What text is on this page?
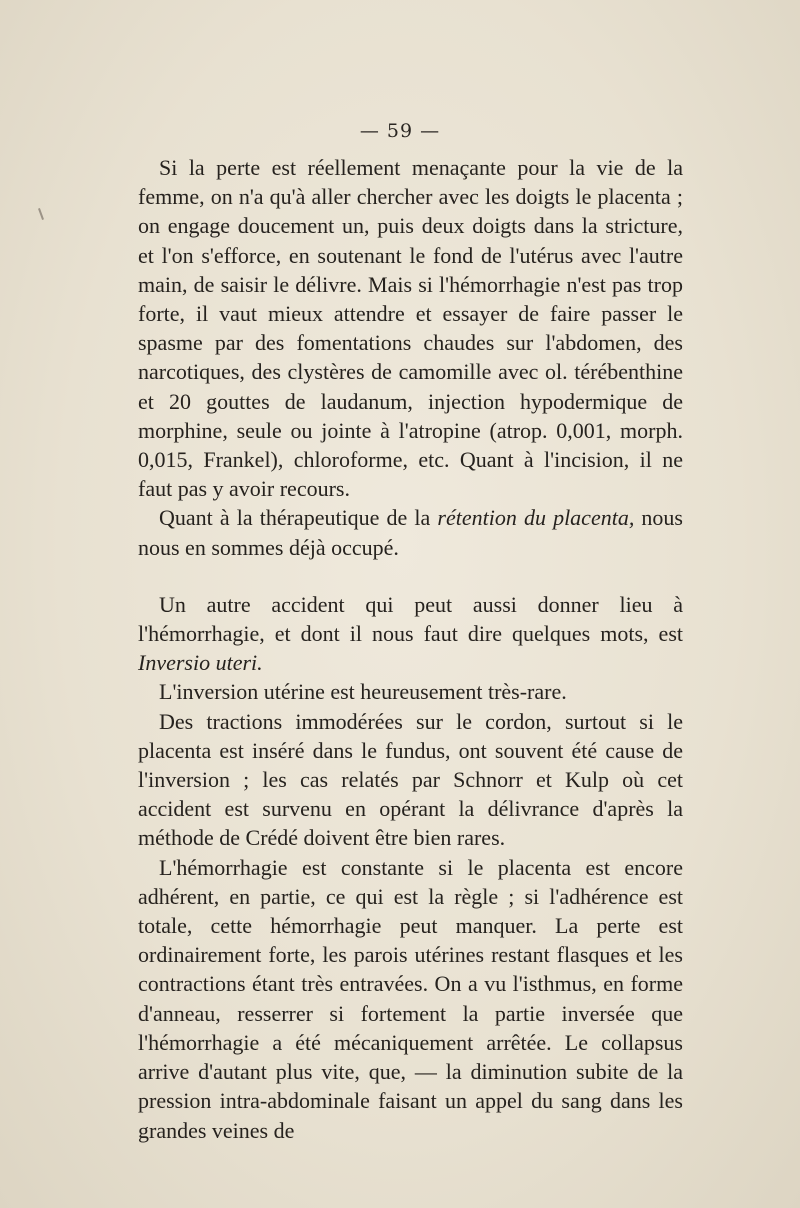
— 59 —

Si la perte est réellement menaçante pour la vie de la femme, on n'a qu'à aller chercher avec les doigts le placenta ; on engage doucement un, puis deux doigts dans la stricture, et l'on s'efforce, en soutenant le fond de l'utérus avec l'autre main, de saisir le délivre. Mais si l'hémorrhagie n'est pas trop forte, il vaut mieux attendre et essayer de faire passer le spasme par des fomentations chaudes sur l'abdomen, des narcotiques, des clystères de camomille avec ol. térébenthine et 20 gouttes de laudanum, injection hypodermique de morphine, seule ou jointe à l'atropine (atrop. 0,001, morph. 0,015, Frankel), chloroforme, etc. Quant à l'incision, il ne faut pas y avoir recours.

Quant à la thérapeutique de la rétention du placenta, nous nous en sommes déjà occupé.

Un autre accident qui peut aussi donner lieu à l'hémorrhagie, et dont il nous faut dire quelques mots, est Inversio uteri.

L'inversion utérine est heureusement très-rare.

Des tractions immodérées sur le cordon, surtout si le placenta est inséré dans le fundus, ont souvent été cause de l'inversion ; les cas relatés par Schnorr et Kulp où cet accident est survenu en opérant la délivrance d'après la méthode de Crédé doivent être bien rares.

L'hémorrhagie est constante si le placenta est encore adhérent, en partie, ce qui est la règle ; si l'adhérence est totale, cette hémorrhagie peut manquer. La perte est ordinairement forte, les parois utérines restant flasques et les contractions étant très entravées. On a vu l'isthmus, en forme d'anneau, resserrer si fortement la partie inversée que l'hémorrhagie a été mécaniquement arrêtée. Le collapsus arrive d'autant plus vite, que, — la diminution subite de la pression intra-abdominale faisant un appel du sang dans les grandes veines de
